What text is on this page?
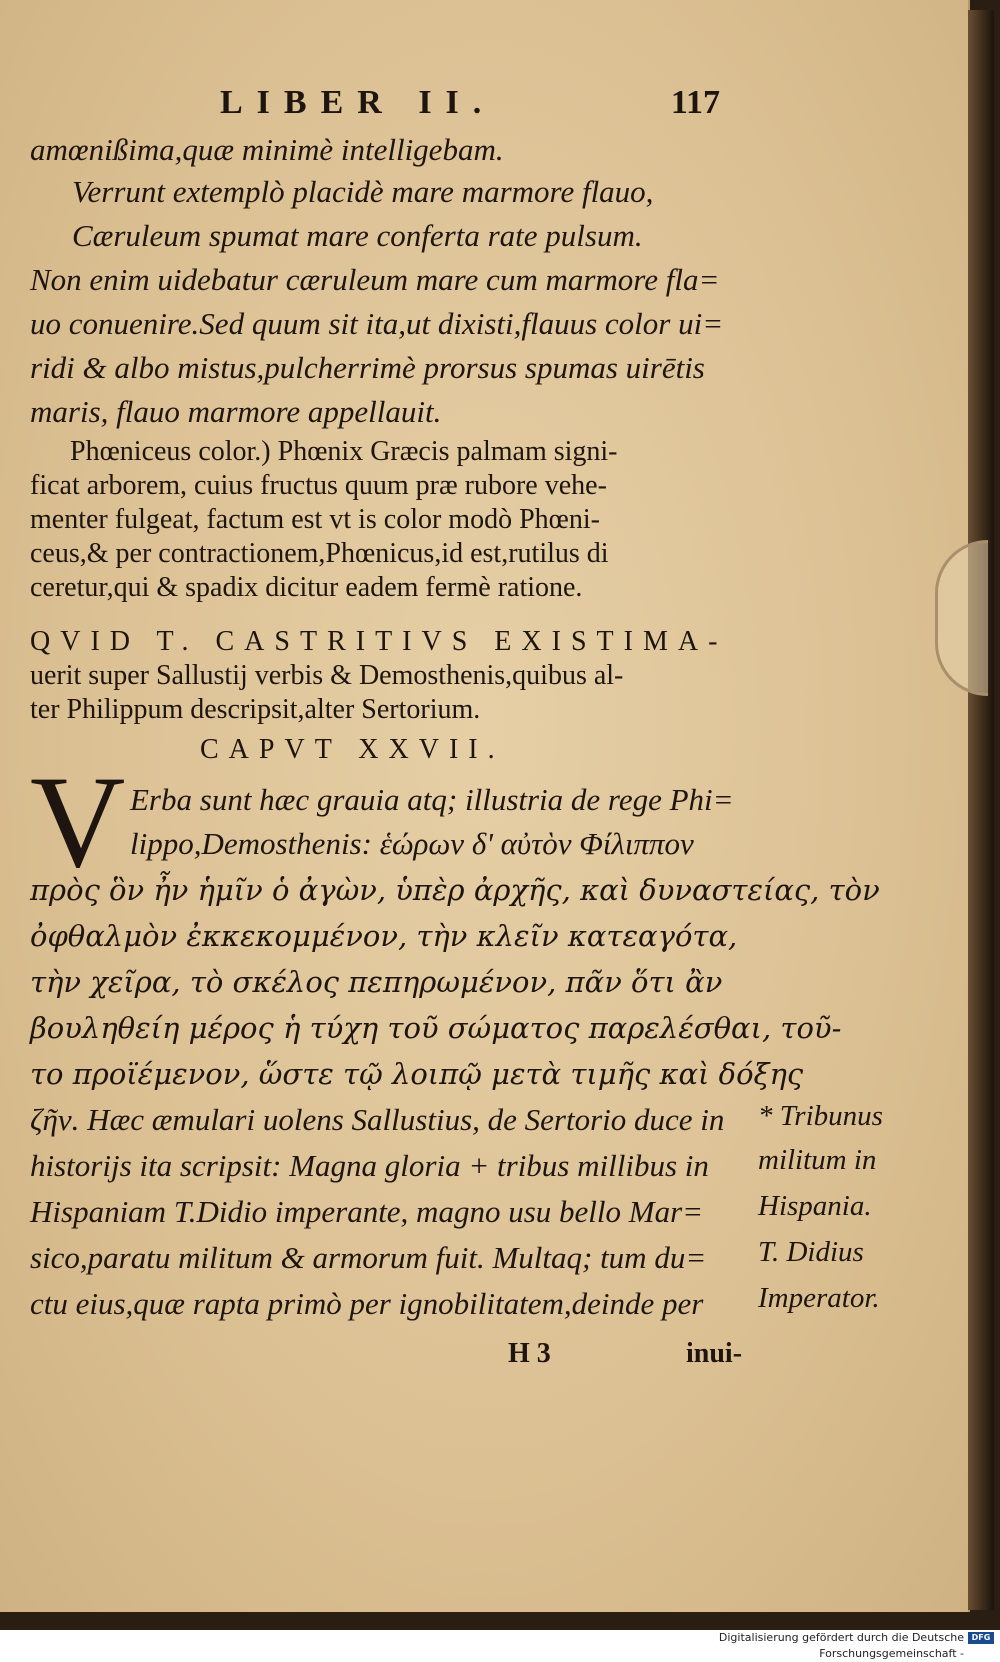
LIBER II.	117
amœnißima,quæ minimè intelligebam.
Verrunt extemplò placidè mare marmore flauo,
Cæruleum spumat mare conferta rate pulsum.
Non enim uidebatur cæruleum mare cum marmore fla=
uo conuenire.Sed quum sit ita,ut dixisti,flauus color ui=
ridi & albo mistus,pulcherrimè prorsus spumas uirētis
maris, flauo marmore appellauit.
Phœniceus color.) Phœnix Græcis palmam signi-
ficat arborem, cuius fructus quum præ rubore vehe-
menter fulgeat, factum est vt is color modò Phœni-
ceus,& per contractionem,Phœnicus,id est,rutilus di
ceretur,qui & spadix dicitur eadem fermè ratione.
QVID T. CASTRITIVS EXISTIMA-
uerit super Sallustij verbis & Demosthenis,quibus al-
ter Philippum descripsit,alter Sertorium.
CAPVT XXVII.
V Erba sunt hæc grauia atq; illustria de rege Phi=
lippo,Demosthenis: ἑώρων δ' αὐτὸν Φίλιππον
πρὸς ὃν ἦν ἡμῖν ὁ ἀγὼν, ὑπὲρ ἀρχῆς, καὶ δυναστείας, τὸν
ὀφθαλμὸν ἐκκεκομμένον, τὴν κλεῖν κατεαγότα,
τὴν χεῖρα, τὸ σκέλος πεπηρωμένον, πᾶν ὅτι ἂν
βουληθείη μέρος ἡ τύχη τοῦ σώματος παρελέσθαι, τοῦ-
το προϊέμενον, ὥστε τῷ λοιπῷ μετὰ τιμῆς καὶ δόξης
ζῆν. Hæc æmulari uolens Sallustius, de Sertorio duce in
historijs ita scripsit: Magna gloria + tribus millibus in
Hispaniam T.Didio imperante, magno usu bello Mar=
sico,paratu militum & armorum fuit. Multaq; tum du=
ctu eius,quæ rapta primò per ignobilitatem,deinde per
* Tribunus
militum in
Hispania.
T. Didius
Imperator.
H 3	inui-
Digitalisierung gefördert durch die Deutsche Forschungsgemeinschaft -
DFG
